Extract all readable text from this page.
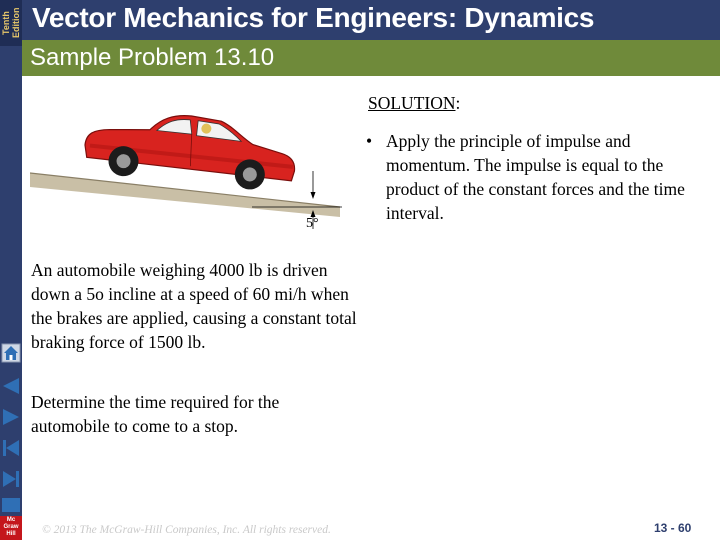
Tenth
Edition Vector Mechanics for Engineers: Dynamics
Sample Problem 13.10
5°
An automobile weighing 4000 lb is driven down a 5o incline at a speed of 60 mi/h when the brakes are applied, causing a constant total braking force of 1500 lb.
Determine the time required for the automobile to come to a stop.
SOLUTION:
• Apply the principle of impulse and momentum. The impulse is equal to the product of the constant forces and the time interval.
Mc Graw Hill	© 2013 The McGraw-Hill Companies, Inc. All rights reserved.	13 - 60
